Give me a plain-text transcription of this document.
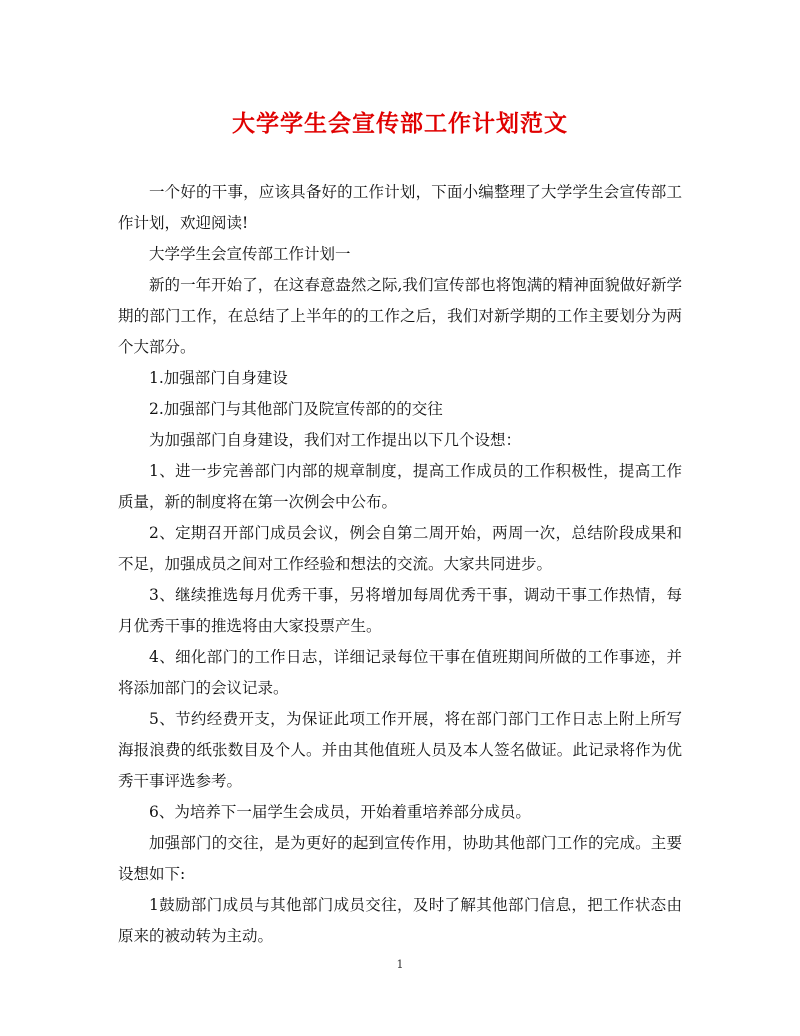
大学学生会宣传部工作计划范文

一个好的干事，应该具备好的工作计划，下面小编整理了大学学生会宣传部工作计划，欢迎阅读!

大学学生会宣传部工作计划一

新的一年开始了，在这春意盎然之际,我们宣传部也将饱满的精神面貌做好新学期的部门工作，在总结了上半年的的工作之后，我们对新学期的工作主要划分为两个大部分。

1.加强部门自身建设

2.加强部门与其他部门及院宣传部的的交往

为加强部门自身建设，我们对工作提出以下几个设想：

1、进一步完善部门内部的规章制度，提高工作成员的工作积极性，提高工作质量，新的制度将在第一次例会中公布。

2、定期召开部门成员会议，例会自第二周开始，两周一次，总结阶段成果和不足，加强成员之间对工作经验和想法的交流。大家共同进步。

3、继续推选每月优秀干事，另将增加每周优秀干事，调动干事工作热情，每月优秀干事的推选将由大家投票产生。

4、细化部门的工作日志，详细记录每位干事在值班期间所做的工作事迹，并将添加部门的会议记录。

5、节约经费开支，为保证此项工作开展，将在部门部门工作日志上附上所写海报浪费的纸张数目及个人。并由其他值班人员及本人签名做证。此记录将作为优秀干事评选参考。

6、为培养下一届学生会成员，开始着重培养部分成员。

加强部门的交往，是为更好的起到宣传作用，协助其他部门工作的完成。主要设想如下:

1鼓励部门成员与其他部门成员交往，及时了解其他部门信息，把工作状态由原来的被动转为主动。

1
